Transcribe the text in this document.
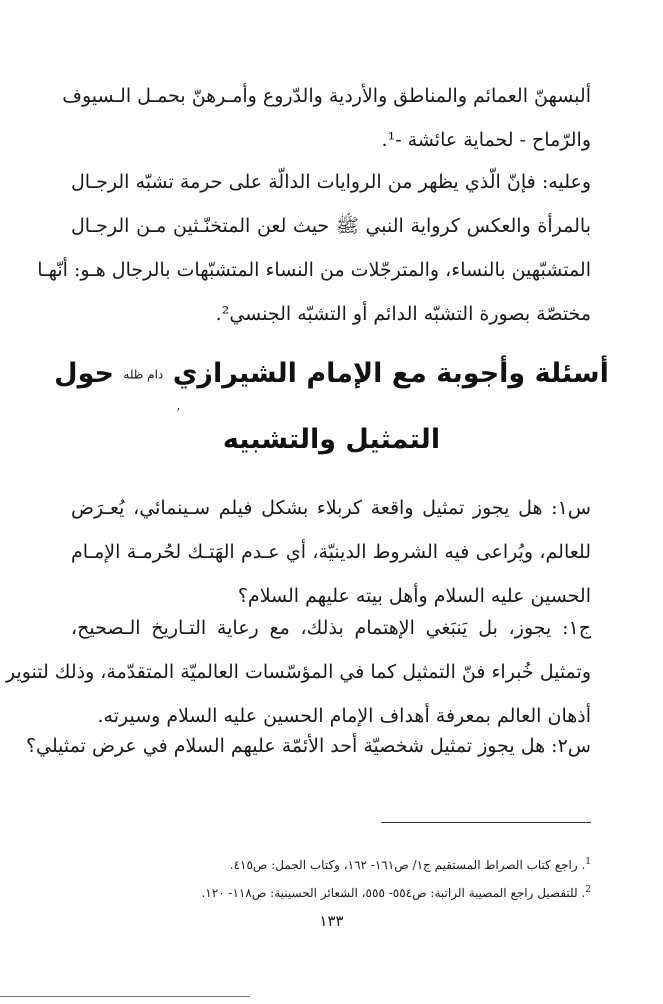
ألبسهنّ العمائم والمناطق والأردية والدّروع وأمـرهنّ بحمـل الـسيوف
والرّماح - لحماية عائشة -¹.
وعليه: فإنّ الّذي يظهر من الروايات الدالّة على حرمة تشبّه الرجـال
بالمرأة والعكس كرواية النبي ﷺ حيث لعن المتخنّـثين مـن الرجـال
المتشبّهين بالنساء، والمترجّلات من النساء المتشبّهات بالرجال هـو: أنّهـا
مختصّة بصورة التشبّه الدائم أو التشبّه الجنسي².
أسئلة وأجوبة مع الإمام الشيرازي دام ظله حول
ʼ
التمثيل والتشبيه
س١: هل يجوز تمثيل واقعة كربلاء بشكل فيلم سـينمائي، يُعـرَض
للعالم، ويُراعى فيه الشروط الدينيّة، أي عـدم الهَتـك لحُرمـة الإمـام
الحسين عليه السلام وأهل بيته عليهم السلام؟
ج١: يجوز، بل يَنبَغي الإهتمام بذلك، مع رعاية التـاريخ الـصحيح،
وتمثيل خُبراء فنّ التمثيل كما في المؤسّسات العالميّة المتقدّمة، وذلك لتنوير
أذهان العالم بمعرفة أهداف الإمام الحسين عليه السلام وسيرته.
س٢: هل يجوز تمثيل شخصيّة أحد الأئمّة عليهم السلام في عرض تمثيلي؟

$^1$. راجع كتاب الصراط المستقيم ج١/ ص١٦١- ١٦٢، وكتاب الجمل: ص٤١٥.

$^2$. للتفصيل راجع المصيبة الراتبة: ص٥٥٤- ٥٥٥، الشعائر الحسينية: ص١١٨- ١٢٠.

١٣٣
